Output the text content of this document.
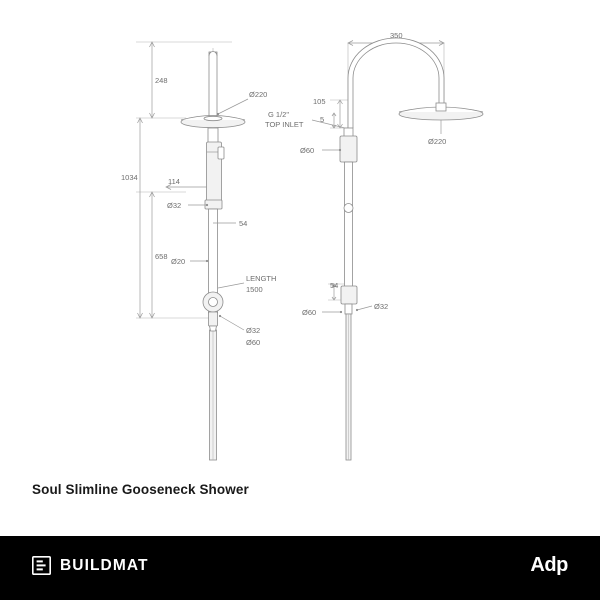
248
1034
658
114
Ø220
Ø32
54
Ø20
LENGTH
1500
Ø32
Ø60
350
105
5
G 1/2"
TOP INLET
Ø60
Ø220
54
Ø60
Ø32
Soul Slimline Gooseneck Shower
BUILDMAT	Adp
